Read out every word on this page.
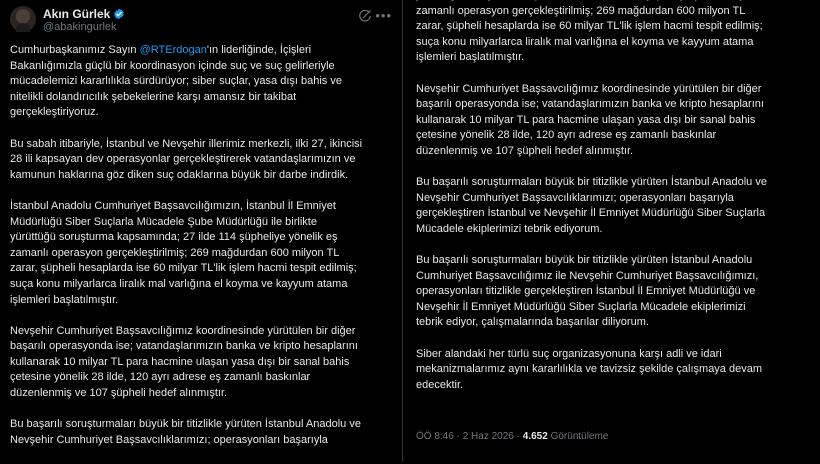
Akın Gürlek
@abakingurlek
•••

Cumhurbaşkanımız Sayın @RTErdogan'ın liderliğinde, İçişleri
Bakanlığımızla güçlü bir koordinasyon içinde suç ve suç gelirleriyle
mücadelemizi kararlılıkla sürdürüyor; siber suçlar, yasa dışı bahis ve
nitelikli dolandırıcılık şebekelerine karşı amansız bir takibat
gerçekleştiriyoruz.

Bu sabah itibariyle, İstanbul ve Nevşehir illerimiz merkezli, ilki 27, ikincisi
28 ili kapsayan dev operasyonlar gerçekleştirerek vatandaşlarımızın ve
kamunun haklarına göz diken suç odaklarına büyük bir darbe indirdik.

İstanbul Anadolu Cumhuriyet Başsavcılığımızın, İstanbul İl Emniyet
Müdürlüğü Siber Suçlarla Mücadele Şube Müdürlüğü ile birlikte
yürüttüğü soruşturma kapsamında; 27 ilde 114 şüpheliye yönelik eş
zamanlı operasyon gerçekleştirilmiş; 269 mağdurdan 600 milyon TL
zarar, şüpheli hesaplarda ise 60 milyar TL'lik işlem hacmi tespit edilmiş;
suça konu milyarlarca liralık mal varlığına el koyma ve kayyum atama
işlemleri başlatılmıştır.

Nevşehir Cumhuriyet Başsavcılığımız koordinesinde yürütülen bir diğer
başarılı operasyonda ise; vatandaşlarımızın banka ve kripto hesaplarını
kullanarak 10 milyar TL para hacmine ulaşan yasa dışı bir sanal bahis
çetesine yönelik 28 ilde, 120 ayrı adrese eş zamanlı baskınlar
düzenlenmiş ve 107 şüpheli hedef alınmıştır.

Bu başarılı soruşturmaları büyük bir titizlikle yürüten İstanbul Anadolu ve
Nevşehir Cumhuriyet Başsavcılıklarımızı; operasyonları başarıyla

zamanlı operasyon gerçekleştirilmiş; 269 mağdurdan 600 milyon TL
zarar, şüpheli hesaplarda ise 60 milyar TL'lik işlem hacmi tespit edilmiş;
suça konu milyarlarca liralık mal varlığına el koyma ve kayyum atama
işlemleri başlatılmıştır.

Nevşehir Cumhuriyet Başsavcılığımız koordinesinde yürütülen bir diğer
başarılı operasyonda ise; vatandaşlarımızın banka ve kripto hesaplarını
kullanarak 10 milyar TL para hacmine ulaşan yasa dışı bir sanal bahis
çetesine yönelik 28 ilde, 120 ayrı adrese eş zamanlı baskınlar
düzenlenmiş ve 107 şüpheli hedef alınmıştır.

Bu başarılı soruşturmaları büyük bir titizlikle yürüten İstanbul Anadolu ve
Nevşehir Cumhuriyet Başsavcılıklarımızı; operasyonları başarıyla
gerçekleştiren İstanbul ve Nevşehir İl Emniyet Müdürlüğü Siber Suçlarla
Mücadele ekiplerimizi tebrik ediyorum.

Bu başarılı soruşturmaları büyük bir titizlikle yürüten İstanbul Anadolu
Cumhuriyet Başsavcılığımız ile Nevşehir Cumhuriyet Başsavcılığımızı,
operasyonları titizlikle gerçekleştiren İstanbul İl Emniyet Müdürlüğü ve
Nevşehir İl Emniyet Müdürlüğü Siber Suçlarla Mücadele ekiplerimizi
tebrik ediyor, çalışmalarında başarılar diliyorum.

Siber alandaki her türlü suç organizasyonuna karşı adli ve idari
mekanizmalarımız aynı kararlılıkla ve tavizsiz şekilde çalışmaya devam
edecektir.

ÖÖ 8:46 · 2 Haz 2026 · 4.652 Görüntüleme
